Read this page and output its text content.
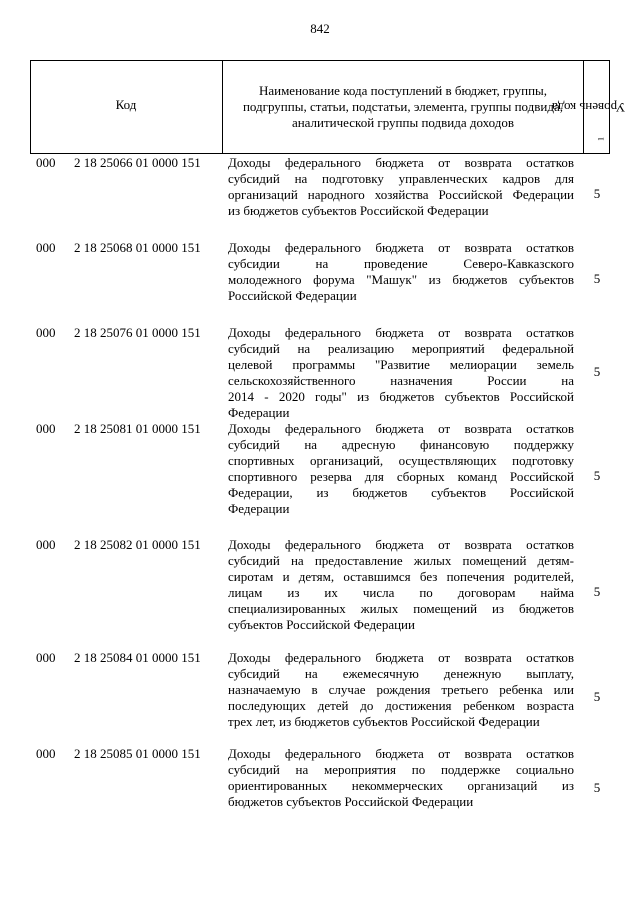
842
Код
Наименование кода поступлений в бюджет, группы,
подгруппы, статьи, подстатьи, элемента, группы подвида,
аналитической группы подвида доходов
Уровень кода
 $^1$
000 2 18 25066 01 0000 151 Доходы федерального бюджета от возврата остатков
субсидий на подготовку управленческих кадров для
организаций народного хозяйства Российской Федерации
из бюджетов субъектов Российской Федерации
5
000 2 18 25068 01 0000 151 Доходы федерального бюджета от возврата остатков
субсидии на проведение Северо-Кавказского
молодежного форума "Машук" из бюджетов субъектов
Российской Федерации
5
000 2 18 25076 01 0000 151 Доходы федерального бюджета от возврата остатков
субсидий на реализацию мероприятий федеральной
целевой программы "Развитие мелиорации земель
сельскохозяйственного назначения России на
2014 - 2020 годы" из бюджетов субъектов Российской
Федерации
5
000 2 18 25081 01 0000 151 Доходы федерального бюджета от возврата остатков
субсидий на адресную финансовую поддержку
спортивных организаций, осуществляющих подготовку
спортивного резерва для сборных команд Российской
Федерации, из бюджетов субъектов Российской
Федерации
5
000 2 18 25082 01 0000 151 Доходы федерального бюджета от возврата остатков
субсидий на предоставление жилых помещений детям-
сиротам и детям, оставшимся без попечения родителей,
лицам из их числа по договорам найма
специализированных жилых помещений из бюджетов
субъектов Российской Федерации
5
000 2 18 25084 01 0000 151 Доходы федерального бюджета от возврата остатков
субсидий на ежемесячную денежную выплату,
назначаемую в случае рождения третьего ребенка или
последующих детей до достижения ребенком возраста
трех лет, из бюджетов субъектов Российской Федерации
5
000 2 18 25085 01 0000 151 Доходы федерального бюджета от возврата остатков
субсидий на мероприятия по поддержке социально
ориентированных некоммерческих организаций из
бюджетов субъектов Российской Федерации
5
